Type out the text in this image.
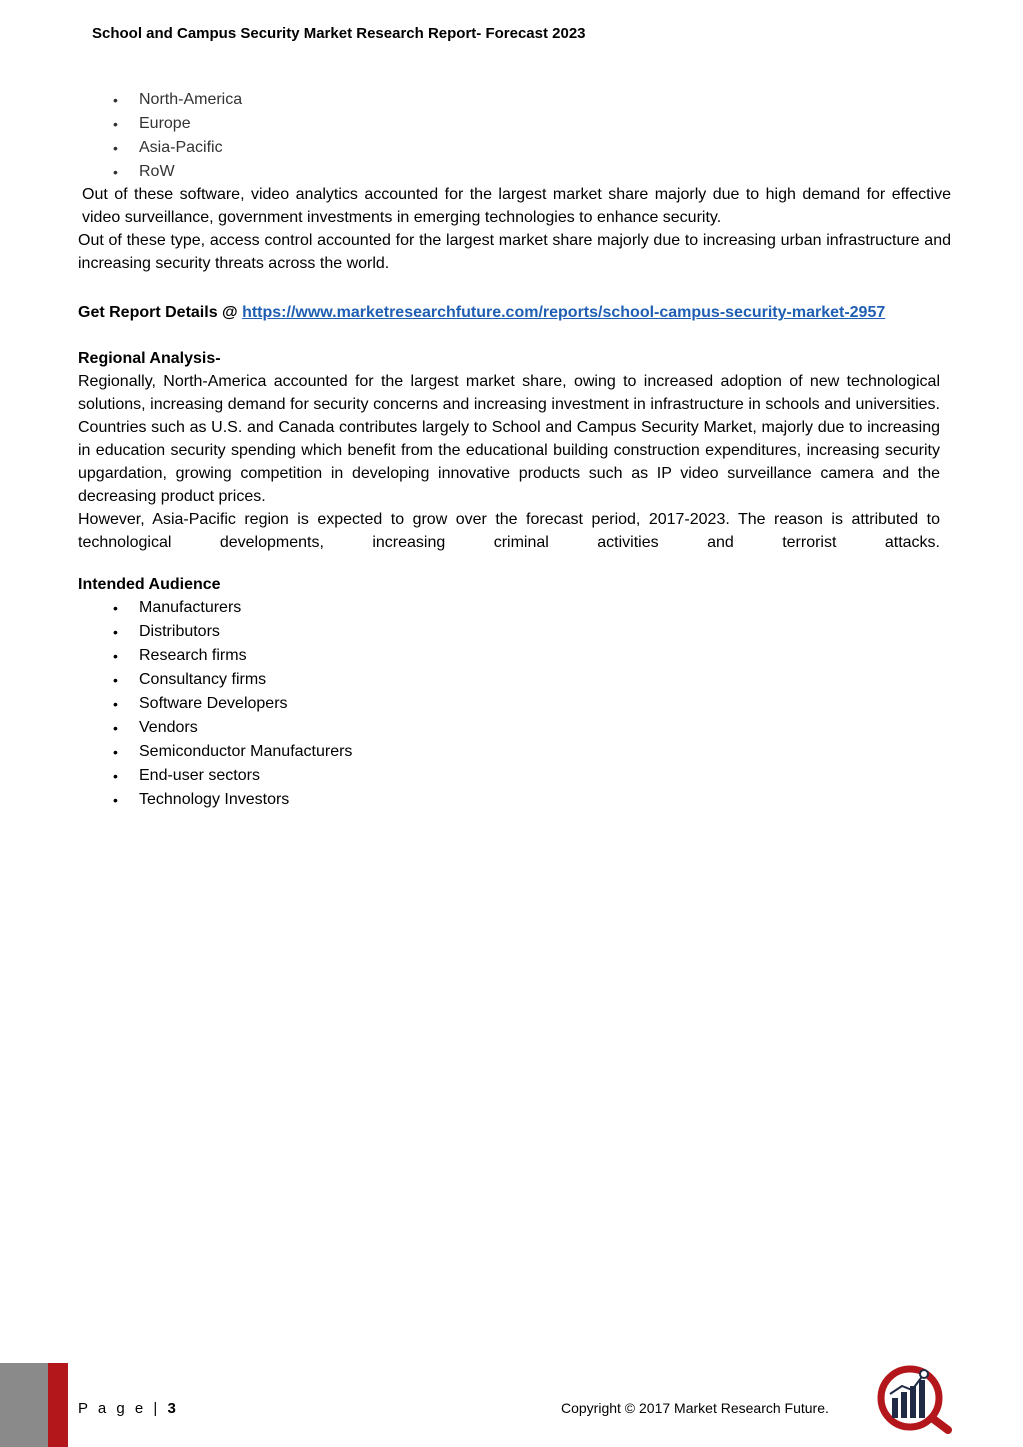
School and Campus Security Market Research Report- Forecast 2023
• North-America
• Europe
• Asia-Pacific
• RoW

Out of these software, video analytics accounted for the largest market share majorly due to high demand for effective video surveillance, government investments in emerging technologies to enhance security.

Out of these type, access control accounted for the largest market share majorly due to increasing urban infrastructure and increasing security threats across the world.

Get Report Details @ https://www.marketresearchfuture.com/reports/school-campus-security-market-2957
Regional Analysis-

Regionally, North-America accounted for the largest market share, owing to increased adoption of new technological solutions, increasing demand for security concerns and increasing investment in infrastructure in schools and universities. Countries such as U.S. and Canada contributes largely to School and Campus Security Market, majorly due to increasing in education security spending which benefit from the educational building construction expenditures, increasing security upgardation, growing competition in developing innovative products such as IP video surveillance camera and the decreasing product prices.

However, Asia-Pacific region is expected to grow over the forecast period, 2017-2023. The reason is attributed to technological developments, increasing criminal activities and terrorist attacks.

Intended Audience
• Manufacturers
• Distributors
• Research firms
• Consultancy firms
• Software Developers
• Vendors
• Semiconductor Manufacturers
• End-user sectors
• Technology Investors
P a g e | 3	Copyright © 2017 Market Research Future.
